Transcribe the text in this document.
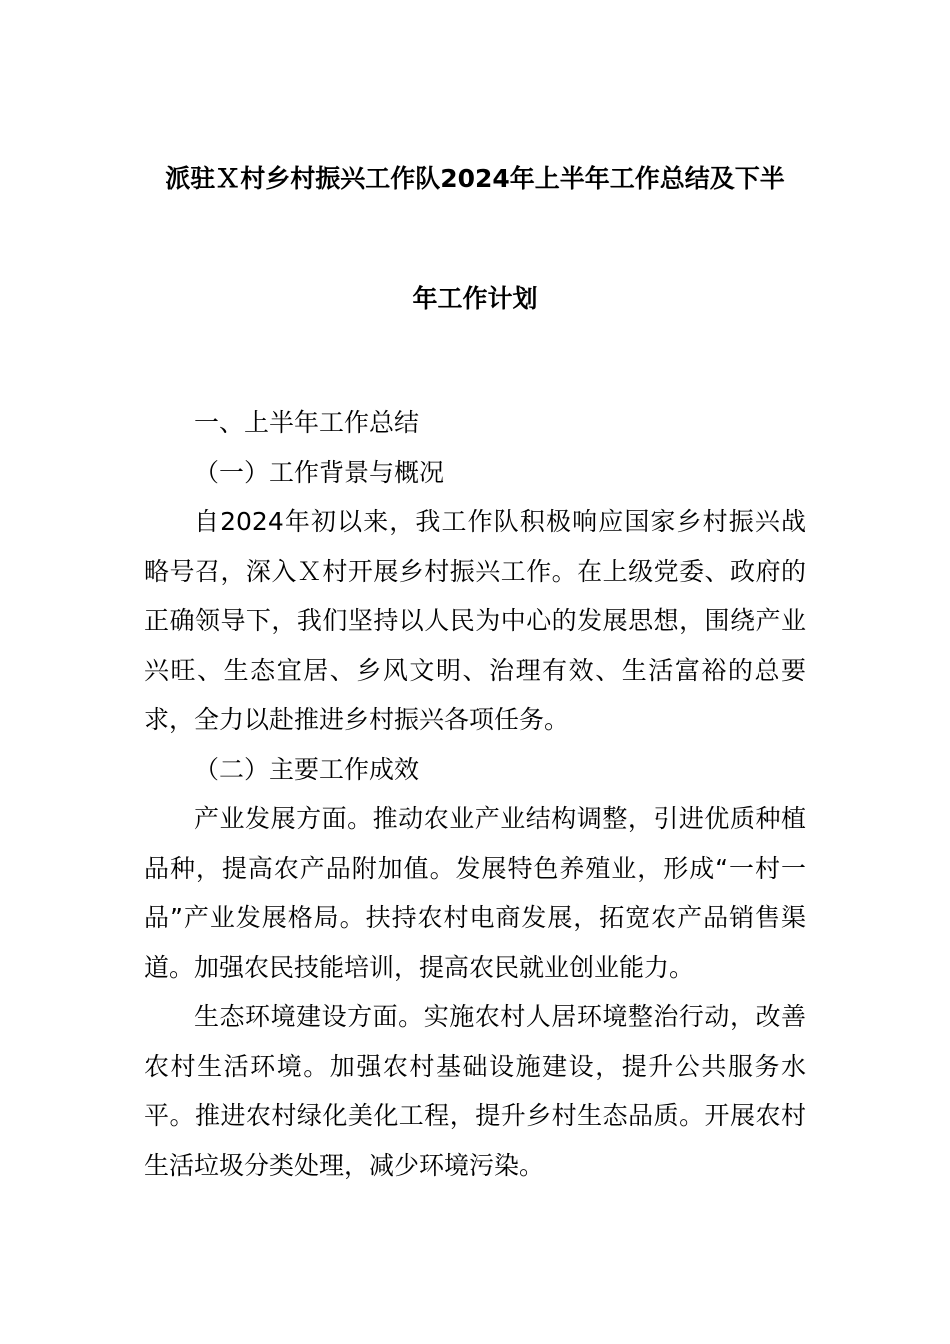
派驻Ｘ村乡村振兴工作队2024年上半年工作总结及下半
年工作计划

一、上半年工作总结

（一）工作背景与概况

自2024年初以来，我工作队积极响应国家乡村振兴战略号召，深入Ｘ村开展乡村振兴工作。在上级党委、政府的正确领导下，我们坚持以人民为中心的发展思想，围绕产业兴旺、生态宜居、乡风文明、治理有效、生活富裕的总要求，全力以赴推进乡村振兴各项任务。

（二）主要工作成效

产业发展方面。推动农业产业结构调整，引进优质种植品种，提高农产品附加值。发展特色养殖业，形成“一村一品”产业发展格局。扶持农村电商发展，拓宽农产品销售渠道。加强农民技能培训，提高农民就业创业能力。

生态环境建设方面。实施农村人居环境整治行动，改善农村生活环境。加强农村基础设施建设，提升公共服务水平。推进农村绿化美化工程，提升乡村生态品质。开展农村生活垃圾分类处理，减少环境污染。
